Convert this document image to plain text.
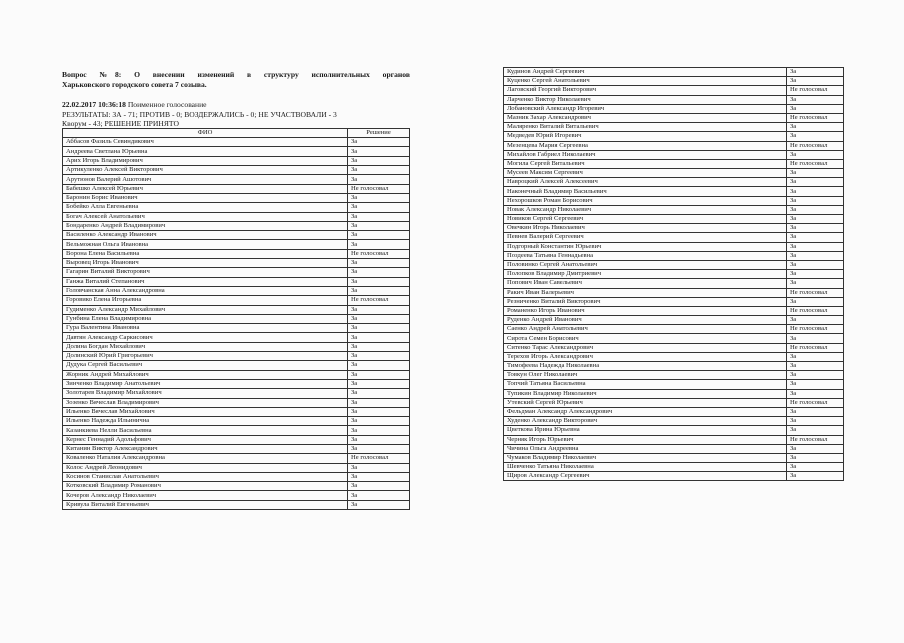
Вопрос №8: О внесении изменений в структуру исполнительных органов
Харьковского городского совета 7 созыва.
22.02.2017 10:36:18 Поименное голосование
РЕЗУЛЬТАТЫ: ЗА - 71; ПРОТИВ - 0; ВОЗДЕРЖАЛИСЬ - 0; НЕ УЧАСТВОВАЛИ - 3
Кворум - 43; РЕШЕНИЕ ПРИНЯТО
ФИО	Решение
Аббасов Фазиль Севиндикович	За
Андреева Светлана Юрьевна	За
Арих Игорь Владимирович	За
Артикуленко Алексей Викторович	За
Арутюнов Валерий Ашотович	За
Бабешко Алексей Юрьевич	Не голосовал
Бaронин Борис Иванович	За
Бобейко Алла Евгеньевна	За
Богач Алексей Анатольевич	За
Бондаренко Андрей Владимирович	За
Василенко Александр Иванович	За
Вельможная Ольга Ивановна	За
Ворона Елена Васильевна	Не голосовал
Выровец Игорь Иванович	За
Гагарин Виталий Викторович	За
Ганжа Виталий Степанович	За
Головчанская Анна Александровна	За
Горовико Елена Игорьевна	Не голосовал
Гудименко Александр Михайлович	За
Гунбина Елена Владимировна	За
Гура Валентина Ивановна	За
Давтян Александр Саркисович	За
Долина Богдан Михайлович	За
Долинский Юрий Григорьевич	За
Дудука Сергей Васильевич	За
Жорник Андрей Михайлович	За
Зинченко Владимир Анатольевич	За
Золотарев Владимир Михайлович	За
Зозенко Вячеслав Владимирович	За
Ильенко Вячеслав Михайлович	За
Ильенко Надежда Ильинична	За
Казанкиева Нелли Васильевна	За
Кернес Геннадий Адольфович	За
Китанин Виктор Александрович	За
Коваленко Наталия Александровна	Не голосовал
Колос Андрей Леонидович	За
Косинов Станислав Анатольевич	За
Котковский Владимир Романович	За
Кочеров Александр Николаевич	За
Кривула Виталий Евгеньевич	За
Кудинов Андрей Сергеевич	За
Куценко Сергей Анатольевич	За
Лаговский Георгий Викторович	Не голосовал
Ларченко Виктор Николаевич	За
Лобановский Александр Игоревич	За
Мазник Захар Александрович	Не голосовал
Маляренко Виталий Витальевич	За
Медведев Юрий Игоревич	За
Мезенцева Мария Сергеевна	Не голосовал
Михайлов Габриел Николаевич	За
Могила Сергей Витальевич	Не голосовал
Мусеев Максим Сергеевич	За
Навроцкий Алексей Алексеевич	За
Наконечный Владимир Васильевич	За
Нехорошков Роман Борисович	За
Новак Александр Николаевич	За
Новиков Сергей Сергеевич	За
Овечкин Игорь Николаевич	За
Певнев Валерий Сергеевич	За
Подгорный Константин Юрьевич	За
Поздеева Татьяна Геннадьевна	За
Половинко Сергей Анатольевич	За
Полопков Владимир Дмитриевич	За
Попович Иван Савельевич	За
Ракич Иван Валерьевич	Не голосовал
Резниченко Виталий Викторович	За
Романенко Игорь Иванович	Не голосовал
Руденко Андрей Иванович	За
Саенко Андрей Анатольевич	Не голосовал
Сирота Семен Борисович	За
Ситенко Тарас Александрович	Не голосовал
Терехов Игорь Александрович	За
Тимофеева Надежда Николаевна	За
Товкун Олег Николаевич	За
Топчий Татьяна Васильевна	За
Тупикин Владимир Николаевич	За
Утевский Сергей Юрьевич	Не голосовал
Фельдман Александр Александрович	За
Худенко Александр Викторович	За
Цветкова Ирина Юрьевна	За
Черняк Игорь Юрьевич	Не голосовал
Чичина Ольга Андреевна	За
Чумаков Владимир Николаевич	За
Шевченко Татьяна Николаевна	За
Щиров Александр Сергеевич	За
